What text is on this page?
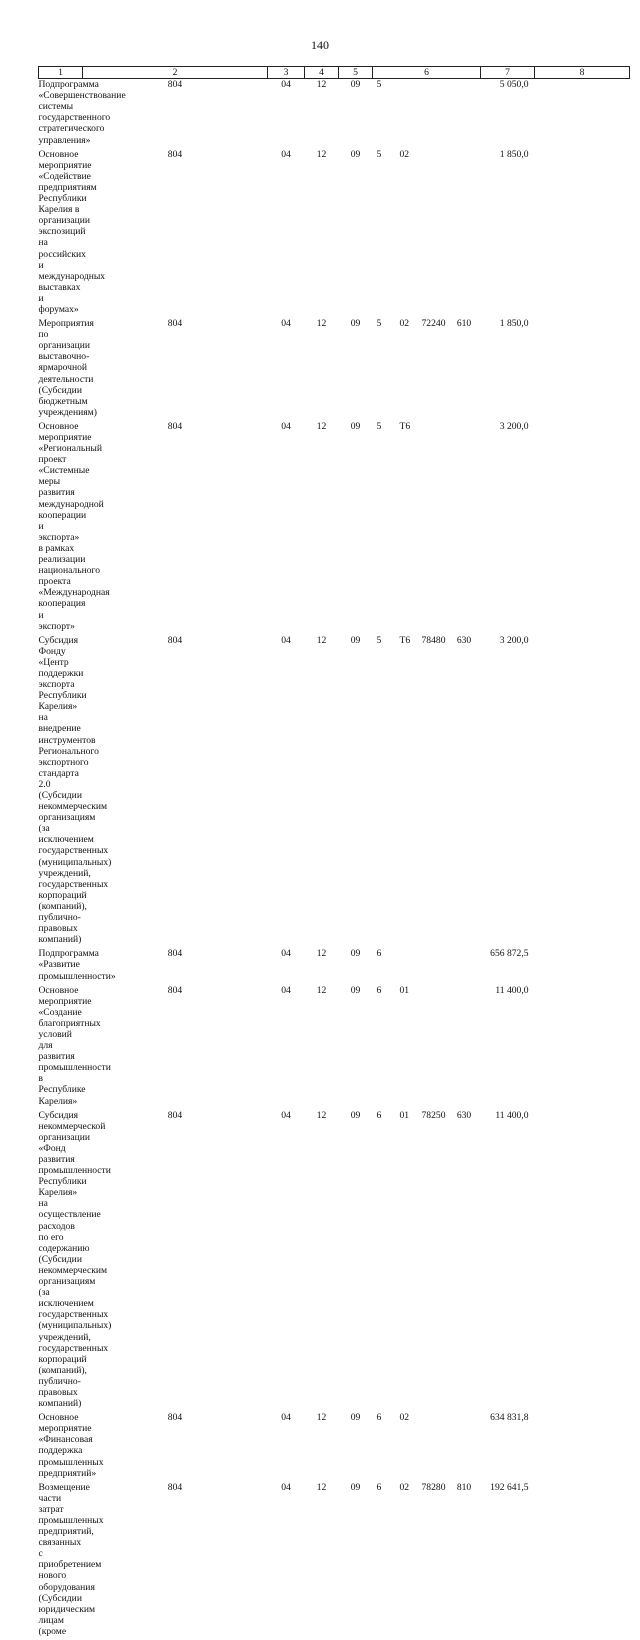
140
1	2	3	4	5	6				7	8
Подпрограмма «Совершенствование системы государственного стратегического управления»	804	04	12	09	5				5 050,0	
Основное мероприятие «Содействие предприятиям Республики Карелия в организации экспозиций на российских и международных выставках и форумах»	804	04	12	09	5	02			1 850,0	
Мероприятия по организации выставочно-ярмарочной деятельности (Субсидии бюджетным учреждениям)	804	04	12	09	5	02	72240	610	1 850,0	
Основное мероприятие «Региональный проект «Системные меры развития международной кооперации и экспорта» в рамках реализации национального проекта «Международная кооперация и экспорт»	804	04	12	09	5	T6			3 200,0	
Субсидия Фонду «Центр поддержки экспорта Республики Карелия» на внедрение инструментов Регионального экспортного стандарта 2.0 (Субсидии некоммерческим организациям (за исключением государственных (муниципальных) учреждений, государственных корпораций (компаний), публично-правовых компаний)	804	04	12	09	5	T6	78480	630	3 200,0	
Подпрограмма «Развитие промышленности»	804	04	12	09	6				656 872,5	
Основное мероприятие «Создание благоприятных условий для развития промышленности в Республике Карелия»	804	04	12	09	6	01			11 400,0	
Субсидия некоммерческой организации «Фонд развития промышленности Республики Карелия» на осуществление расходов по его содержанию (Субсидии некоммерческим организациям (за исключением государственных (муниципальных) учреждений, государственных корпораций (компаний), публично-правовых компаний)	804	04	12	09	6	01	78250	630	11 400,0	
Основное мероприятие «Финансовая поддержка промышленных предприятий»	804	04	12	09	6	02			634 831,8	
Возмещение части затрат промышленных предприятий, связанных с приобретением нового оборудования (Субсидии юридическим лицам (кроме	804	04	12	09	6	02	78280	810	192 641,5	
